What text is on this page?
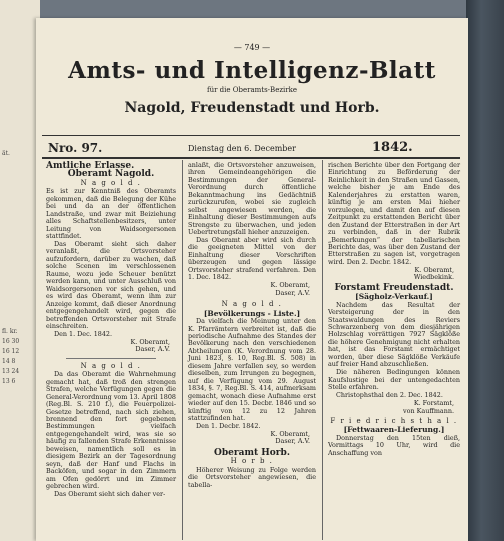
ät.
fl. kr.
16 30
16 12
14 8
13 24
13 6
— 749 —
Amts- und Intelligenz-Blatt
für die Oberamts-Bezirke
Nagold, Freudenstadt und Horb.
Nro. 97.	Dienstag den 6. December	1842.
Amtliche Erlasse.
Oberamt Nagold.
N a g o l d .

Es ist zur Kenntniß des Oberamts gekommen, daß die Belegung der Kühe bei und da an der öffentlichen Landstraße, und zwar mit Beiziehung alles Schaftstellenbesitzers, unter Leitung von Waidsorgersonen stattfindet.

Das Oberamt sieht sich daher veranlaßt, die Ortsvorsteher aufzufordern, darüber zu wachen, daß solche Scenen im verschlossenen Raume, wozu jede Scheuer benützt werden kann, und unter Ausschluß von Waidsorgersonen vor sich gehen, und es wird das Oberamt, wenn ihm zur Anzeige kommt, daß dieser Anordnung entgegengehandelt wird, gegen die betreffenden Ortsvorsteher mit Strafe einschreiten.

Den 1. Dec. 1842.

K. Oberamt,
Daser, A.V.
N a g o l d .

Da das Oberamt die Wahrnehmung gemacht hat, daß troß den strengen Strafen, welche Verfügungen gegen die General-Verordnung vom 13. April 1808 (Reg.Bl. S. 210 f.), die Feuerpolizei-Gesetze betreffend, nach sich ziehen, brennend den fort gegebenen Bestimmungen vielfach entgegengehandelt wird, was sie so häufig zu fallenden Strafe Erkenntnisse beweisen, namentlich soll es in diesigem Bezirk an der Tagesordnung seyn, daß der Hanf und Flachs in Backöfen, und sogar in den Zimmern am Ofen gedörrt und im Zimmer gebrechen wird.

Das Oberamt sieht sich daher ver-

anlaßt, die Ortsvorsteher anzuweisen, ihren Gemeindeangehörigen die Bestimmungen der General-Verordnung durch öffentliche Bekanntmachung ins Gedächtniß zurückzurufen, wobei sie zugleich selbst angewiesen werden, die Einhaltung dieser Bestimmungen aufs Strengste zu überwachen, und jeden Uebertretungsfall hieher anzuzeigen.

Das Oberamt aber wird sich durch die geeigneten Mittel von der Einhaltung dieser Vorschriften überzeugen und gegen lässige Ortsvorsteher strafend verfahren. Den 1. Dec. 1842.

K. Oberamt,
Daser, A.V.
N a g o l d .
[Bevölkerungs - Liste.]

Da vielfach die Meinung unter den K. Pfarrämtern verbreitet ist, daß die periodische Aufnahme des Standes der Bevölkerung nach den verschiedenen Abtheilungen (K. Verordnung vom 28. Juni 1823, §. 10, Reg.Bl. S. 508) in diesem Jahre verfallen sey, so werden dieselben, zum Irrungen zu begegnen, auf die Verfügung vom 29. August 1834, §. 7, Reg.Bl. S. 414, aufmerksam gemacht, wonach diese Aufnahme erst wieder auf den 15. Decbr. 1846 und so künftig von 12 zu 12 Jahren stattzufinden hat.

Den 1. Decbr. 1842.

K. Oberamt,
Daser, A.V.
Oberamt Horb.
H o r b .

Höherer Weisung zu Folge werden die Ortsvorsteher angewiesen, die tabella-

rischen Berichte über den Fortgang der Einrichtung zu Beförderung der Reinlichkeit in den Straßen und Gassen, welche bisher je am Ende des Kalenderjahres zu erstatten waren, künftig je am ersten Mai hieher vorzulegen, und damit den auf diesen Zeitpunkt zu erstattenden Bericht über den Zustand der Etterstraßen in der Art zu verbinden, daß in der Rubrik „Bemerkungen“ der tabellarischen Berichte das, was über den Zustand der Etterstraßen zu sagen ist, vorgetragen wird. Den 2. Decbr. 1842.

K. Oberamt,
Wiedbekink.
Forstamt Freudenstadt.
[Sägholz-Verkauf.]

Nachdem das Resultat der Versteigerung der in den Staatswaldungen des Reviers Schwarzenberg von dem diesjährigen Holzschlag vorrättigen 7927 Sägklöße die höhere Genehmigung nicht erhalten hat, ist das Forstamt ermächtiget worden, über diese Sägklöße Verkäufe auf freier Hand abzuschließen.

Die näheren Bedingungen können Kaufslustige bei der untengedachten Stelle erfahren.

Christophsthal den 2. Dec. 1842.

K. Forstamt,
von Kauffmann.
F r i e d r i c h s t h a l .
[Fettwaaren-Lieferung.]

Donnerstag den 15ten dieß, Vormittags 10 Uhr, wird die Anschaffung von
